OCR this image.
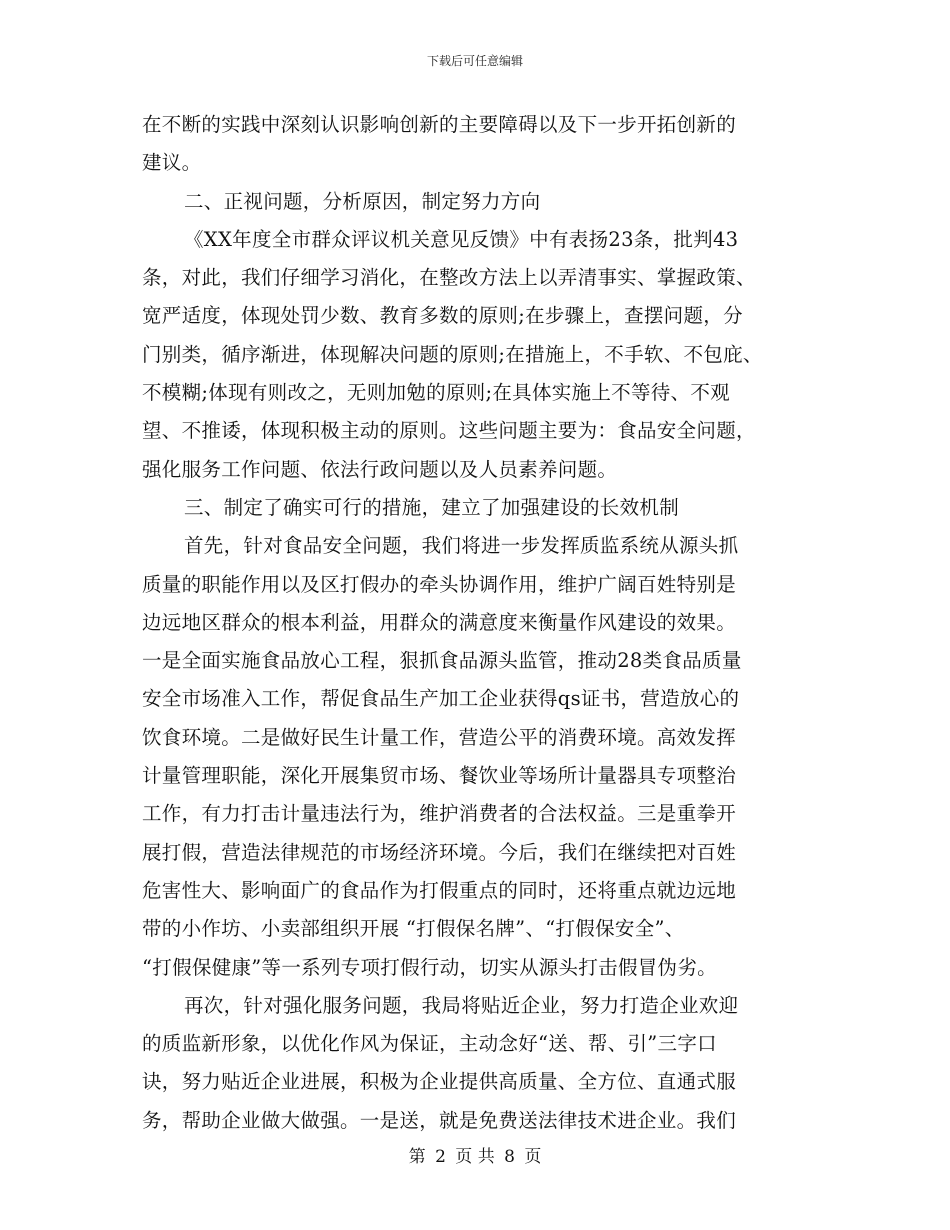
下载后可任意编辑
在不断的实践中深刻认识影响创新的主要障碍以及下一步开拓创新的
建议。
二、正视问题，分析原因，制定努力方向
《XX年度全市群众评议机关意见反馈》中有表扬23条，批判43
条，对此，我们仔细学习消化，在整改方法上以弄清事实、掌握政策、
宽严适度，体现处罚少数、教育多数的原则;在步骤上，查摆问题，分
门别类，循序渐进，体现解决问题的原则;在措施上，不手软、不包庇、
不模糊;体现有则改之，无则加勉的原则;在具体实施上不等待、不观
望、不推诿，体现积极主动的原则。这些问题主要为：食品安全问题，
强化服务工作问题、依法行政问题以及人员素养问题。
三、制定了确实可行的措施，建立了加强建设的长效机制
首先，针对食品安全问题，我们将进一步发挥质监系统从源头抓
质量的职能作用以及区打假办的牵头协调作用，维护广阔百姓特别是
边远地区群众的根本利益，用群众的满意度来衡量作风建设的效果。
一是全面实施食品放心工程，狠抓食品源头监管，推动28类食品质量
安全市场准入工作，帮促食品生产加工企业获得qs证书，营造放心的
饮食环境。二是做好民生计量工作，营造公平的消费环境。高效发挥
计量管理职能，深化开展集贸市场、餐饮业等场所计量器具专项整治
工作，有力打击计量违法行为，维护消费者的合法权益。三是重拳开
展打假，营造法律规范的市场经济环境。今后，我们在继续把对百姓
危害性大、影响面广的食品作为打假重点的同时，还将重点就边远地
带的小作坊、小卖部组织开展 “打假保名牌”、“打假保安全”、
“打假保健康”等一系列专项打假行动，切实从源头打击假冒伪劣。
再次，针对强化服务问题，我局将贴近企业，努力打造企业欢迎
的质监新形象，以优化作风为保证，主动念好“送、帮、引”三字口
诀，努力贴近企业进展，积极为企业提供高质量、全方位、直通式服
务，帮助企业做大做强。一是送，就是免费送法律技术进企业。我们
第 2 页 共 8 页
